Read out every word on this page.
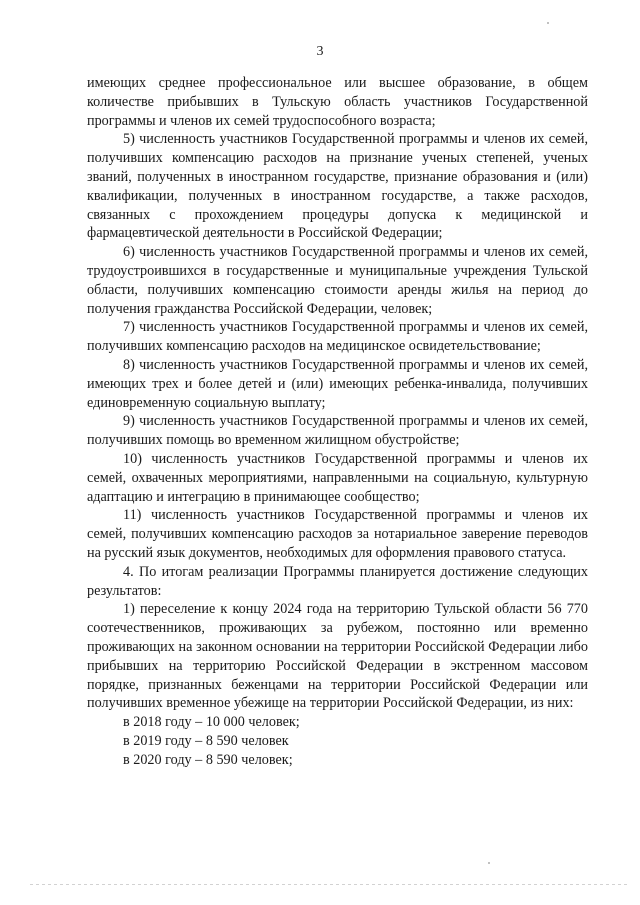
3

имеющих среднее профессиональное или высшее образование, в общем количестве прибывших в Тульскую область участников Государственной программы и членов их семей трудоспособного возраста;

5) численность участников Государственной программы и членов их семей, получивших компенсацию расходов на признание ученых степеней, ученых званий, полученных в иностранном государстве, признание образования и (или) квалификации, полученных в иностранном государстве, а также расходов, связанных с прохождением процедуры допуска к медицинской и фармацевтической деятельности в Российской Федерации;

6) численность участников Государственной программы и членов их семей, трудоустроившихся в государственные и муниципальные учреждения Тульской области, получивших компенсацию стоимости аренды жилья на период до получения гражданства Российской Федерации, человек;

7) численность участников Государственной программы и членов их семей, получивших компенсацию расходов на медицинское освидетельствование;

8) численность участников Государственной программы и членов их семей, имеющих трех и более детей и (или) имеющих ребенка-инвалида, получивших единовременную социальную выплату;

9) численность участников Государственной программы и членов их семей, получивших помощь во временном жилищном обустройстве;

10) численность участников Государственной программы и членов их семей, охваченных мероприятиями, направленными на социальную, культурную адаптацию и интеграцию в принимающее сообщество;

11) численность участников Государственной программы и членов их семей, получивших компенсацию расходов за нотариальное заверение переводов на русский язык документов, необходимых для оформления правового статуса.

4. По итогам реализации Программы планируется достижение следующих результатов:

1) переселение к концу 2024 года на территорию Тульской области 56 770 соотечественников, проживающих за рубежом, постоянно или временно проживающих на законном основании на территории Российской Федерации либо прибывших на территорию Российской Федерации в экстренном массовом порядке, признанных беженцами на территории Российской Федерации или получивших временное убежище на территории Российской Федерации, из них:

в 2018 году – 10 000 человек;

в 2019 году – 8 590 человек

в 2020 году – 8 590 человек;
